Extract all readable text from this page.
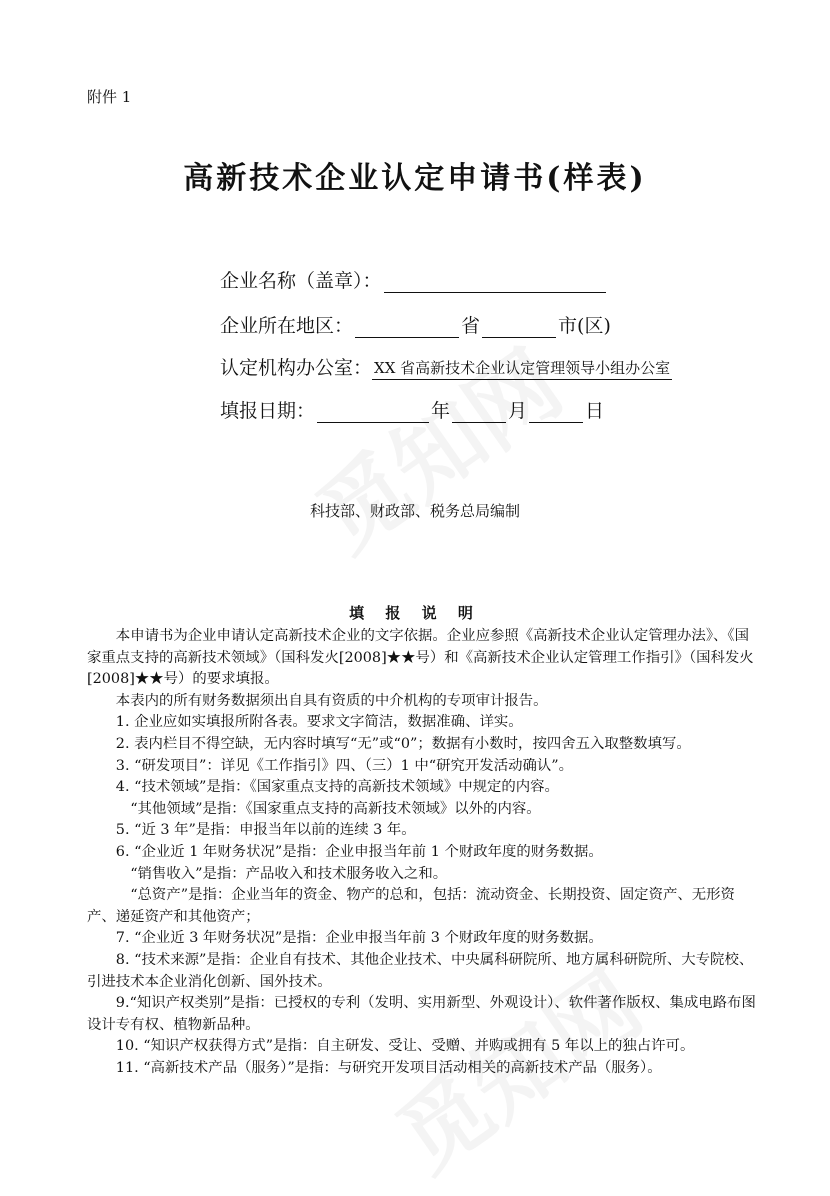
附件 1
高新技术企业认定申请书(样表)
企业名称（盖章）：
企业所在地区：	省	市(区)
认定机构办公室： XX 省高新技术企业认定管理领导小组办公室
填报日期：	年	月	日
科技部、财政部、税务总局编制
填 报 说 明

本申请书为企业申请认定高新技术企业的文字依据。企业应参照《高新技术企业认定管理办法》、《国家重点支持的高新技术领域》（国科发火[2008]★★号）和《高新技术企业认定管理工作指引》（国科发火[2008]★★号）的要求填报。

本表内的所有财务数据须出自具有资质的中介机构的专项审计报告。

1. 企业应如实填报所附各表。要求文字简洁，数据准确、详实。

2. 表内栏目不得空缺，无内容时填写“无”或“0”；数据有小数时，按四舍五入取整数填写。

3. “研发项目”：详见《工作指引》四、（三）1 中“研究开发活动确认”。

4. “技术领域”是指：《国家重点支持的高新技术领域》中规定的内容。

“其他领域”是指：《国家重点支持的高新技术领域》以外的内容。

5. “近 3 年”是指：申报当年以前的连续 3 年。

6. “企业近 1 年财务状况”是指：企业申报当年前 1 个财政年度的财务数据。

“销售收入”是指：产品收入和技术服务收入之和。

“总资产”是指：企业当年的资金、物产的总和，包括：流动资金、长期投资、固定资产、无形资产、递延资产和其他资产；

7. “企业近 3 年财务状况”是指：企业申报当年前 3 个财政年度的财务数据。

8. “技术来源”是指：企业自有技术、其他企业技术、中央属科研院所、地方属科研院所、大专院校、引进技术本企业消化创新、国外技术。

9.“知识产权类别”是指：已授权的专利（发明、实用新型、外观设计）、软件著作版权、集成电路布图设计专有权、植物新品种。

10. “知识产权获得方式”是指：自主研发、受让、受赠、并购或拥有 5 年以上的独占许可。

11. “高新技术产品（服务）”是指：与研究开发项目活动相关的高新技术产品（服务）。
